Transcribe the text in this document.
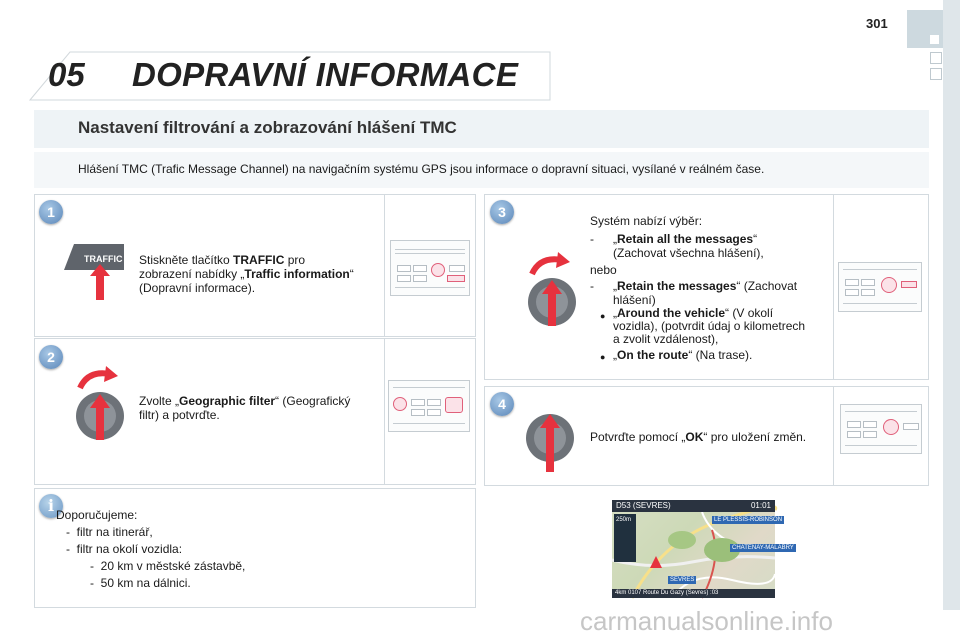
301
05 DOPRAVNÍ INFORMACE
Nastavení filtrování a zobrazování hlášení TMC
Hlášení TMC (Trafic Message Channel) na navigačním systému GPS jsou informace o dopravní situaci, vysílané v reálném čase.
1
TRAFFIC Stiskněte tlačítko TRAFFIC pro
zobrazení nabídky „Traffic information“
(Dopravní informace).
2
Zvolte „Geographic filter“ (Geografický
filtr) a potvrďte.
3
Systém nabízí výběr:
- „Retain all the messages“
(Zachovat všechna hlášení),
nebo
- „Retain the messages“ (Zachovat
hlášení)
● „Around the vehicle“ (V okolí
vozidla), (potvrdit údaj o kilometrech
a zvolit vzdálenost),
● „On the route“ (Na trase).
4
Potvrďte pomocí „OK“ pro uložení změn.
i Doporučujeme:
-  filtr na itinerář,
-  filtr na okolí vozidla:
-  20 km v městské zástavbě,
-  50 km na dálnici.
D53 (SEVRES)	01:01
250m	LE PLESSIS-ROBINSON
CHATENAY-MALABRY
SEVRES
4km 0107 Route Du Gazy (Sevres) :03
carmanualsonline.info
